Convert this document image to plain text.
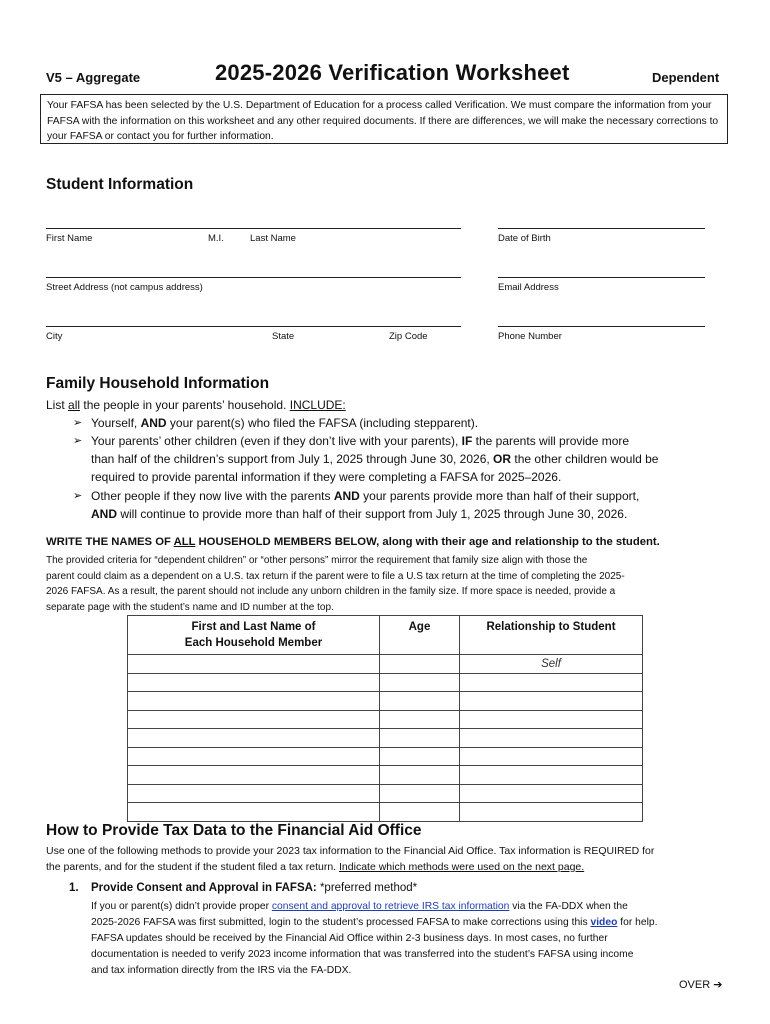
V5 – Aggregate	2025-2026 Verification Worksheet	Dependent
Your FAFSA has been selected by the U.S. Department of Education for a process called Verification. We must compare the information from your FAFSA with the information on this worksheet and any other required documents. If there are differences, we will make the necessary corrections to your FAFSA or contact you for further information.
Student Information
First Name	M.I.	Last Name	Date of Birth
Street Address (not campus address)	Email Address
City	State	Zip Code	Phone Number
Family Household Information
List all the people in your parents’ household. INCLUDE:
➢ Yourself, AND your parent(s) who filed the FAFSA (including stepparent).
➢ Your parents’ other children (even if they don’t live with your parents), IF the parents will provide more
than half of the children’s support from July 1, 2025 through June 30, 2026, OR the other children would be
required to provide parental information if they were completing a FAFSA for 2025–2026.
➢ Other people if they now live with the parents AND your parents provide more than half of their support,
AND will continue to provide more than half of their support from July 1, 2025 through June 30, 2026.
WRITE THE NAMES OF ALL HOUSEHOLD MEMBERS BELOW, along with their age and relationship to the student.
The provided criteria for “dependent children” or “other persons” mirror the requirement that family size align with those the
parent could claim as a dependent on a U.S. tax return if the parent were to file a U.S tax return at the time of completing the 2025-
2026 FAFSA. As a result, the parent should not include any unborn children in the family size. If more space is needed, provide a
separate page with the student’s name and ID number at the top.
First and Last Name of
Each Household Member	Age	Relationship to Student
		Self

How to Provide Tax Data to the Financial Aid Office
Use one of the following methods to provide your 2023 tax information to the Financial Aid Office. Tax information is REQUIRED for
the parents, and for the student if the student filed a tax return. Indicate which methods were used on the next page.
1. Provide Consent and Approval in FAFSA: *preferred method*
If you or parent(s) didn’t provide proper consent and approval to retrieve IRS tax information via the FA-DDX when the
2025-2026 FAFSA was first submitted, login to the student’s processed FAFSA to make corrections using this video for help.
FAFSA updates should be received by the Financial Aid Office within 2-3 business days. In most cases, no further
documentation is needed to verify 2023 income information that was transferred into the student’s FAFSA using income
and tax information directly from the IRS via the FA-DDX.
OVER ➔
